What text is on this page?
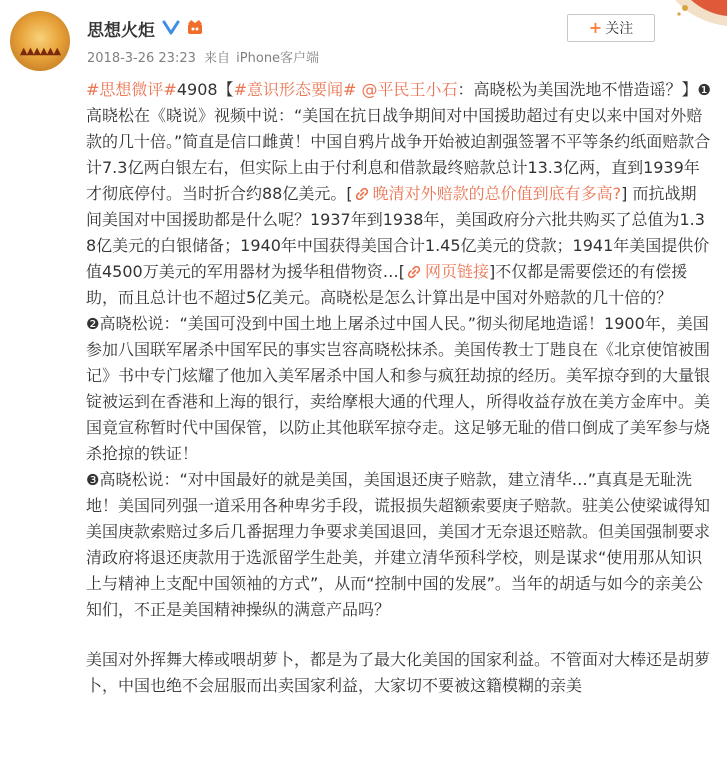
▲▲▲▲▲▲
思想火炬
2018-3-26 23:23 来自 iPhone客户端
+ 关注

#思想微评#4908【#意识形态要闻# @平民王小石：高晓松为美国洗地不惜造谣？】❶高晓松在《晓说》视频中说：“美国在抗日战争期间对中国援助超过有史以来中国对外赔款的几十倍。”简直是信口雌黄！中国自鸦片战争开始被迫割强签署不平等条约纸面赔款合计7.3亿两白银左右，但实际上由于付利息和借款最终赔款总计13.3亿两，直到1939年才彻底停付。当时折合约88亿美元。[ 晚清对外赔款的总价值到底有多高?] 而抗战期间美国对中国援助都是什么呢？1937年到1938年，美国政府分六批共购买了总值为1.38亿美元的白银储备；1940年中国获得美国合计1.45亿美元的贷款；1941年美国提供价值4500万美元的军用器材为援华租借物资…[ 网页链接]不仅都是需要偿还的有偿援助，而且总计也不超过5亿美元。高晓松是怎么计算出是中国对外赔款的几十倍的？

❷高晓松说：“美国可没到中国土地上屠杀过中国人民。”彻头彻尾地造谣！1900年，美国参加八国联军屠杀中国军民的事实岂容高晓松抹杀。美国传教士丁韪良在《北京使馆被围记》书中专门炫耀了他加入美军屠杀中国人和参与疯狂劫掠的经历。美军掠夺到的大量银锭被运到在香港和上海的银行，卖给摩根大通的代理人，所得收益存放在美方金库中。美国竟宣称暂时代中国保管，以防止其他联军掠夺走。这足够无耻的借口倒成了美军参与烧杀抢掠的铁证！

❸高晓松说：“对中国最好的就是美国，美国退还庚子赔款，建立清华…”真真是无耻洗地！美国同列强一道采用各种卑劣手段，谎报损失超额索要庚子赔款。驻美公使梁诚得知美国庚款索赔过多后几番据理力争要求美国退回，美国才无奈退还赔款。但美国强制要求清政府将退还庚款用于选派留学生赴美，并建立清华预科学校，则是谋求“使用那从知识上与精神上支配中国领袖的方式”，从而“控制中国的发展”。当年的胡适与如今的亲美公知们，不正是美国精神操纵的满意产品吗？

美国对外挥舞大棒或喂胡萝卜，都是为了最大化美国的国家利益。不管面对大棒还是胡萝卜，中国也绝不会屈服而出卖国家利益，大家切不要被这籍模糊的亲美
